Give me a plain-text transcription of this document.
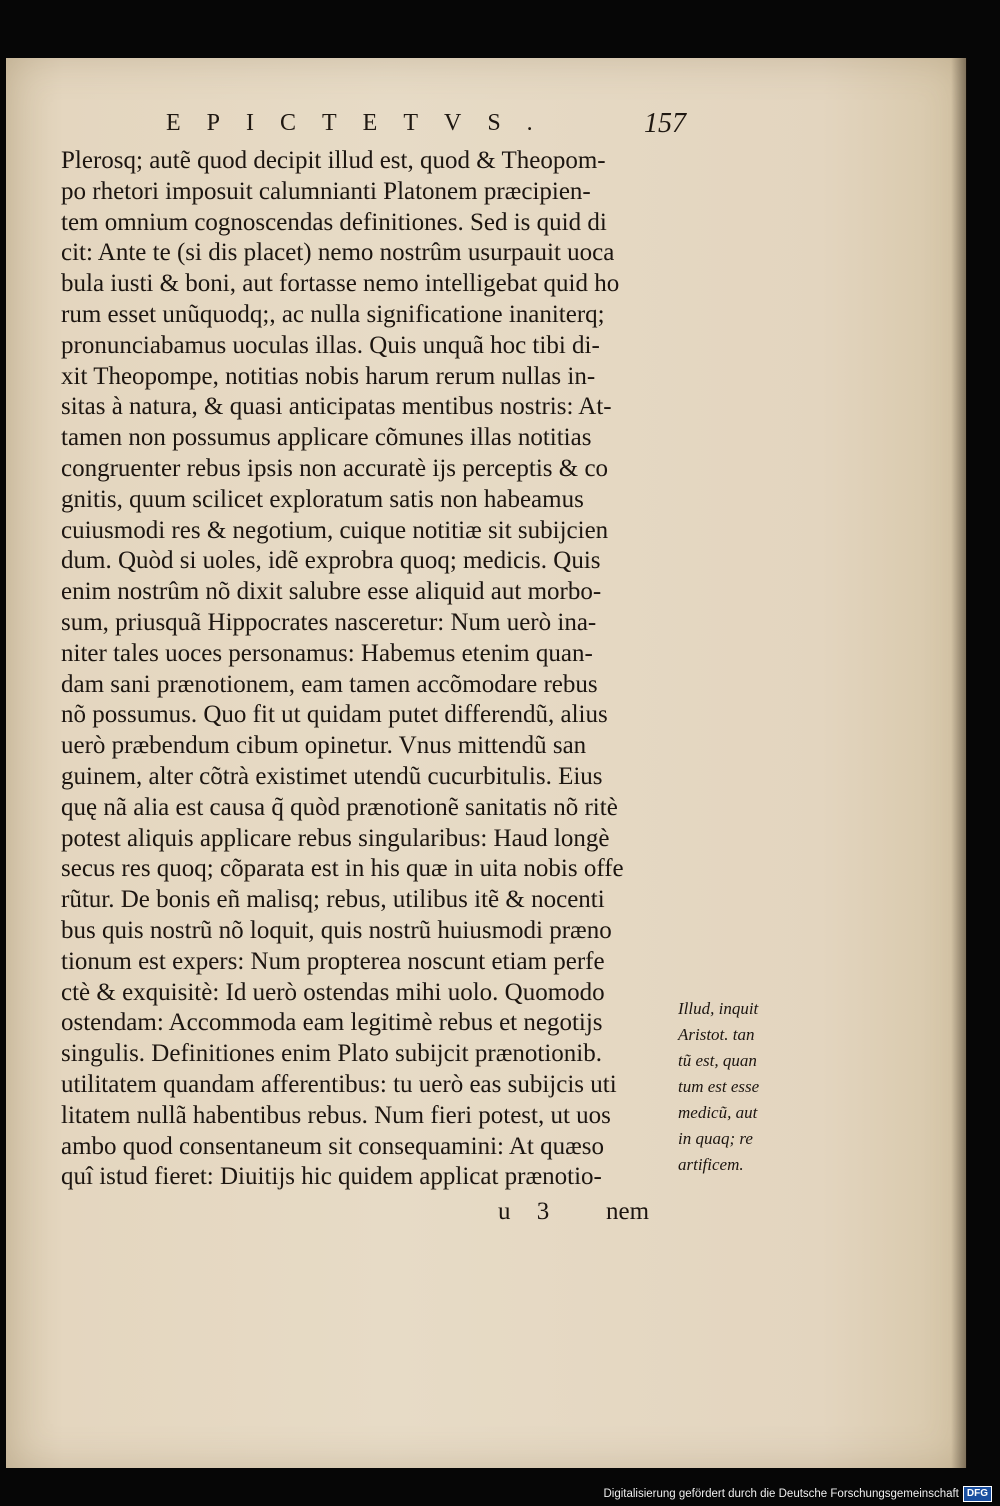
EPICTETVS.	157
Plerosq; autẽ quod decipit illud est, quod & Theopom-
po rhetori imposuit calumnianti Platonem præcipien-
tem omnium cognoscendas definitiones. Sed is quid di
cit: Ante te (si dis placet) nemo nostrûm usurpauit uoca
bula iusti & boni, aut fortasse nemo intelligebat quid ho
rum esset unũquodq;, ac nulla significatione inaniterq;
pronunciabamus uoculas illas. Quis unquã hoc tibi di-
xit Theopompe, notitias nobis harum rerum nullas in-
sitas à natura, & quasi anticipatas mentibus nostris: At-
tamen non possumus applicare cõmunes illas notitias
congruenter rebus ipsis non accuratè ijs perceptis & co
gnitis, quum scilicet exploratum satis non habeamus
cuiusmodi res & negotium, cuique notitiæ sit subijcien
dum. Quòd si uoles, idẽ exprobra quoq; medicis. Quis
enim nostrûm nõ dixit salubre esse aliquid aut morbo-
sum, priusquã Hippocrates nasceretur: Num uerò ina-
niter tales uoces personamus: Habemus etenim quan-
dam sani prænotionem, eam tamen accõmodare rebus
nõ possumus. Quo fit ut quidam putet differendũ, alius
uerò præbendum cibum opinetur. Vnus mittendũ san
guinem, alter cõtrà existimet utendũ cucurbitulis. Eius
quę nã alia est causa q̃ quòd prænotionẽ sanitatis nõ ritè
potest aliquis applicare rebus singularibus: Haud longè
secus res quoq; cõparata est in his quæ in uita nobis offe
rũtur. De bonis eñ malisq; rebus, utilibus itẽ & nocenti
bus quis nostrũ nõ loquit, quis nostrũ huiusmodi præno
tionum est expers: Num propterea noscunt etiam perfe
ctè & exquisitè: Id uerò ostendas mihi uolo. Quomodo
ostendam: Accommoda eam legitimè rebus et negotijs
singulis. Definitiones enim Plato subijcit prænotionib.
utilitatem quandam afferentibus: tu uerò eas subijcis uti
litatem nullã habentibus rebus. Num fieri potest, ut uos
ambo quod consentaneum sit consequamini: At quæso
quî istud fieret: Diuitijs hic quidem applicat prænotio-
Illud, inquit
Aristot. tan
tũ est, quan
tum est esse
medicũ, aut
in quaq; re
artificem.
u 3 nem
Digitalisierung gefördert durch die Deutsche Forschungsgemeinschaft DFG
